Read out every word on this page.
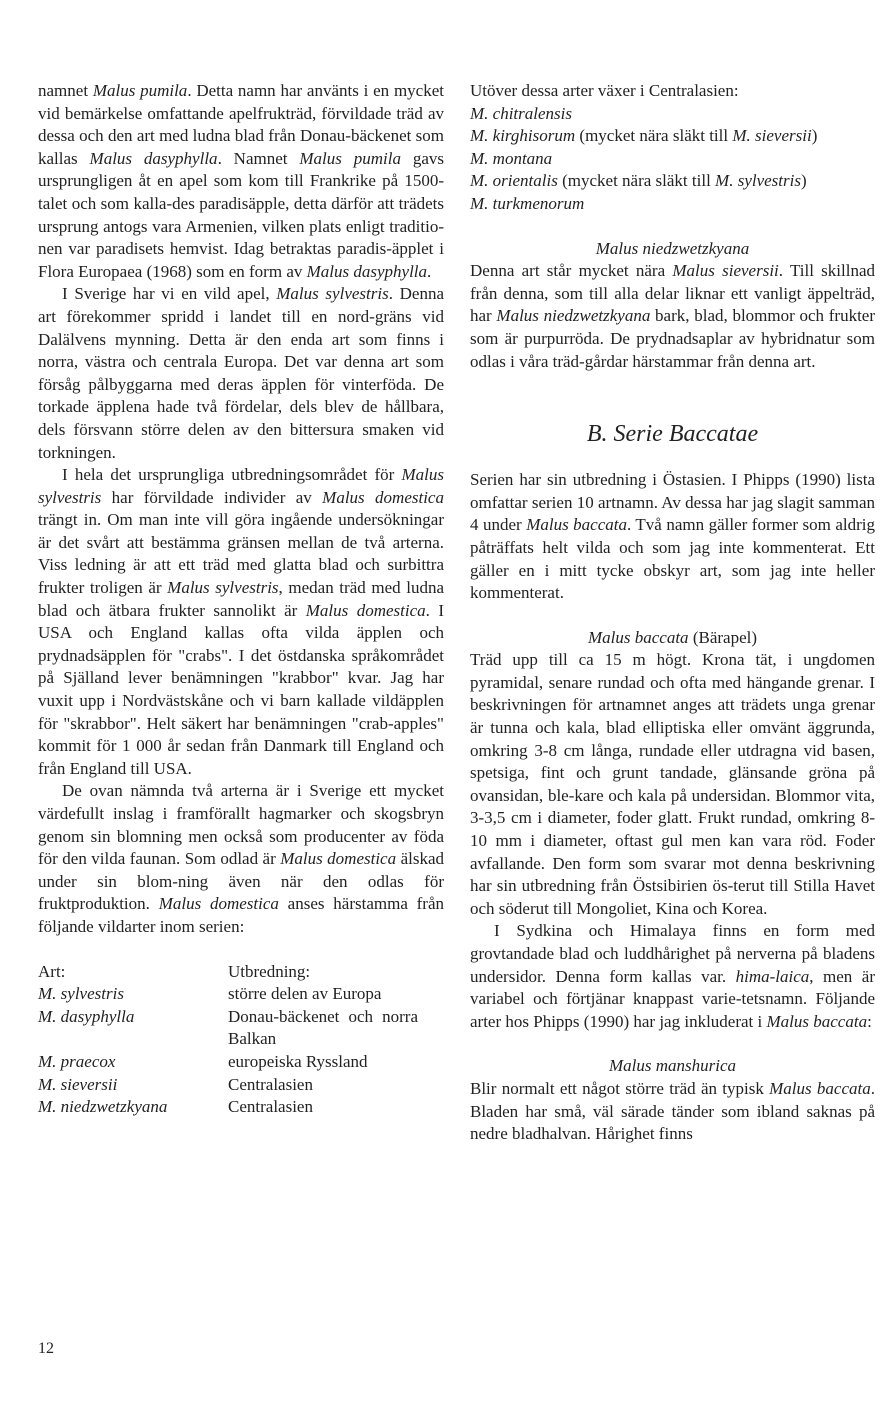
namnet Malus pumila. Detta namn har använts i en mycket vid bemärkelse omfattande apelfrukträd, förvildade träd av dessa och den art med ludna blad från Donau-bäckenet som kallas Malus dasyphylla. Namnet Malus pumila gavs ursprungligen åt en apel som kom till Frankrike på 1500-talet och som kalla-des paradisäpple, detta därför att trädets ursprung antogs vara Armenien, vilken plats enligt traditio-nen var paradisets hemvist. Idag betraktas paradis-äpplet i Flora Europaea (1968) som en form av Malus dasyphylla.

I Sverige har vi en vild apel, Malus sylvestris. Denna art förekommer spridd i landet till en nord-gräns vid Dalälvens mynning. Detta är den enda art som finns i norra, västra och centrala Europa. Det var denna art som försåg pålbyggarna med deras äpplen för vinterföda. De torkade äpplena hade två fördelar, dels blev de hållbara, dels försvann större delen av den bittersura smaken vid torkningen.

I hela det ursprungliga utbredningsområdet för Malus sylvestris har förvildade individer av Malus domestica trängt in. Om man inte vill göra ingående undersökningar är det svårt att bestämma gränsen mellan de två arterna. Viss ledning är att ett träd med glatta blad och surbittra frukter troligen är Malus sylvestris, medan träd med ludna blad och ätbara frukter sannolikt är Malus domestica. I USA och England kallas ofta vilda äpplen och prydnadsäpplen för "crabs". I det östdanska språkområdet på Själland lever benämningen "krabbor" kvar. Jag har vuxit upp i Nordvästskåne och vi barn kallade vildäpplen för "skrabbor". Helt säkert har benämningen "crab-apples" kommit för 1 000 år sedan från Danmark till England och från England till USA.

De ovan nämnda två arterna är i Sverige ett mycket värdefullt inslag i framförallt hagmarker och skogsbryn genom sin blomning men också som producenter av föda för den vilda faunan. Som odlad är Malus domestica älskad under sin blom-ning även när den odlas för fruktproduktion. Malus domestica anses härstamma från följande vildarter inom serien:

Art:	Utbredning:
M. sylvestris	större delen av Europa
M. dasyphylla	Donau-bäckenet och norra Balkan
M. praecox	europeiska Ryssland
M. sieversii	Centralasien
M. niedzwetzkyana	Centralasien

Utöver dessa arter växer i Centralasien:

M. chitralensis

M. kirghisorum (mycket nära släkt till M. sieversii)

M. montana

M. orientalis (mycket nära släkt till M. sylvestris)

M. turkmenorum

Malus niedzwetzkyana

Denna art står mycket nära Malus sieversii. Till skillnad från denna, som till alla delar liknar ett vanligt äppelträd, har Malus niedzwetzkyana bark, blad, blommor och frukter som är purpurröda. De prydnadsaplar av hybridnatur som odlas i våra träd-gårdar härstammar från denna art.

B. Serie Baccatae

Serien har sin utbredning i Östasien. I Phipps (1990) lista omfattar serien 10 artnamn. Av dessa har jag slagit samman 4 under Malus baccata. Två namn gäller former som aldrig påträffats helt vilda och som jag inte kommenterat. Ett gäller en i mitt tycke obskyr art, som jag inte heller kommenterat.

Malus baccata (Bärapel)

Träd upp till ca 15 m högt. Krona tät, i ungdomen pyramidal, senare rundad och ofta med hängande grenar. I beskrivningen för artnamnet anges att trädets unga grenar är tunna och kala, blad elliptiska eller omvänt äggrunda, omkring 3-8 cm långa, rundade eller utdragna vid basen, spetsiga, fint och grunt tandade, glänsande gröna på ovansidan, ble-kare och kala på undersidan. Blommor vita, 3-3,5 cm i diameter, foder glatt. Frukt rundad, omkring 8-10 mm i diameter, oftast gul men kan vara röd. Foder avfallande. Den form som svarar mot denna beskrivning har sin utbredning från Östsibirien ös-terut till Stilla Havet och söderut till Mongoliet, Kina och Korea.

I Sydkina och Himalaya finns en form med grovtandade blad och luddhårighet på nerverna på bladens undersidor. Denna form kallas var. hima-laica, men är variabel och förtjänar knappast varie-tetsnamn. Följande arter hos Phipps (1990) har jag inkluderat i Malus baccata:

Malus manshurica

Blir normalt ett något större träd än typisk Malus baccata. Bladen har små, väl särade tänder som ibland saknas på nedre bladhalvan. Hårighet finns

12
